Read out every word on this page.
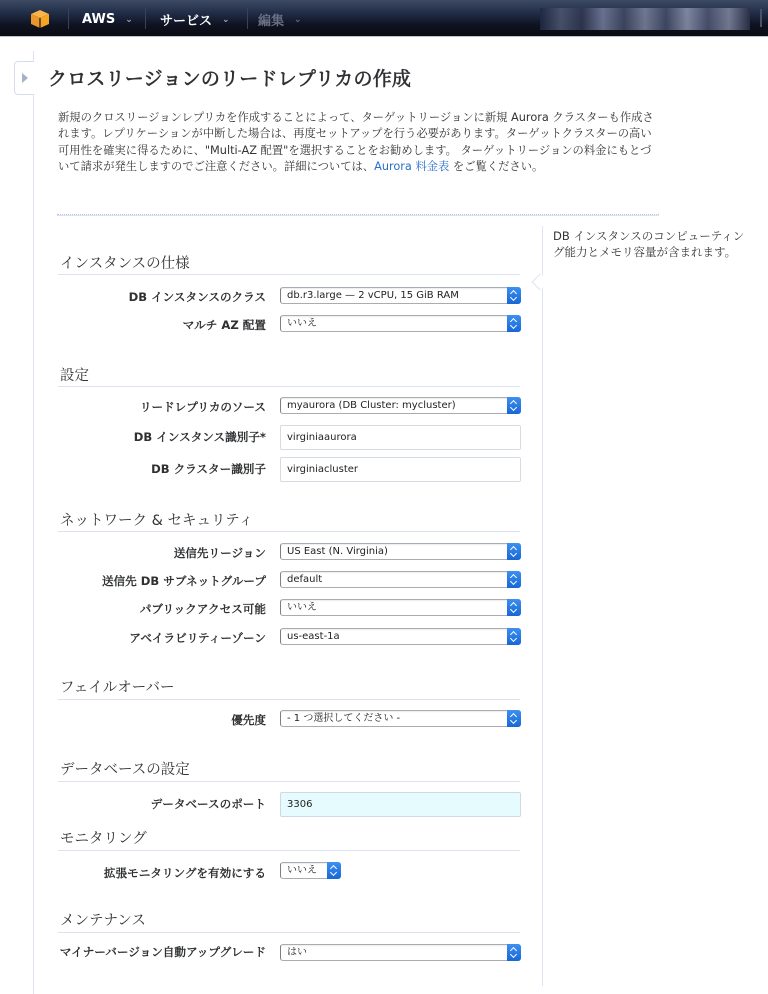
AWS ⌄ サービス ⌄ 編集 ⌄
クロスリージョンのリードレプリカの作成

新規のクロスリージョンレプリカを作成することによって、ターゲットリージョンに新規 Aurora クラスターも作成されます。レプリケーションが中断した場合は、再度セットアップを行う必要があります。ターゲットクラスターの高い可用性を確実に得るために、"Multi-AZ 配置"を選択することをお勧めします。 ターゲットリージョンの料金にもとづいて請求が発生しますのでご注意ください。詳細については、Aurora 料金表 をご覧ください。

DB インスタンスのコンピューティング能力とメモリ容量が含まれます。
インスタンスの仕様
DB インスタンスのクラス db.r3.large — 2 vCPU, 15 GiB RAM
マルチ AZ 配置 いいえ
設定
リードレプリカのソース myaurora (DB Cluster: mycluster)
DB インスタンス識別子*	virginiaaurora
DB クラスター識別子	virginiacluster
ネットワーク & セキュリティ
送信先リージョン US East (N. Virginia)
送信先 DB サブネットグループ default
パブリックアクセス可能 いいえ
アベイラビリティーゾーン us-east-1a
フェイルオーバー
優先度 - 1 つ選択してください -
データベースの設定
データベースのポート	3306
モニタリング
拡張モニタリングを有効にする いいえ
メンテナンス
マイナーバージョン自動アップグレード はい
